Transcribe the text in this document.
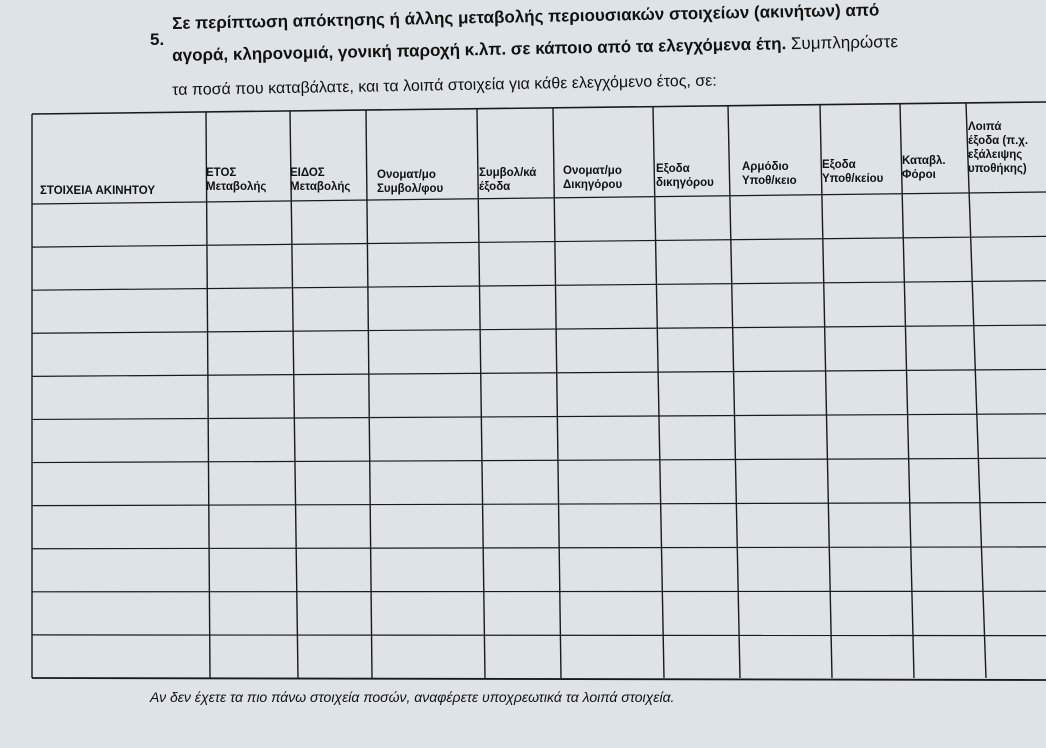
5.
Σε περίπτωση απόκτησης ή άλλης μεταβολής περιουσιακών στοιχείων (ακινήτων) από
αγορά, κληρονομιά, γονική παροχή κ.λπ. σε κάποιο από τα ελεγχόμενα έτη. Συμπληρώστε
τα ποσά που καταβάλατε, και τα λοιπά στοιχεία για κάθε ελεγχόμενο έτος, σε:
ΣΤΟΙΧΕΙΑ ΑΚΙΝΗΤΟΥ
ΕΤΟΣ
Μεταβολής
ΕΙΔΟΣ
Μεταβολής
Ονοματ/μο
Συμβολ/φου
Συμβολ/κά
έξοδα
Ονοματ/μο
Δικηγόρου
Εξοδα
δικηγόρου
Αρμόδιο
Υποθ/κειο
Εξοδα
Υποθ/κείου
Καταβλ.
Φόροι
Λοιπά
έξοδα (π.χ.
εξάλειψης
υποθήκης)
Αν δεν έχετε τα πιο πάνω στοιχεία ποσών, αναφέρετε υποχρεωτικά τα λοιπά στοιχεία.
